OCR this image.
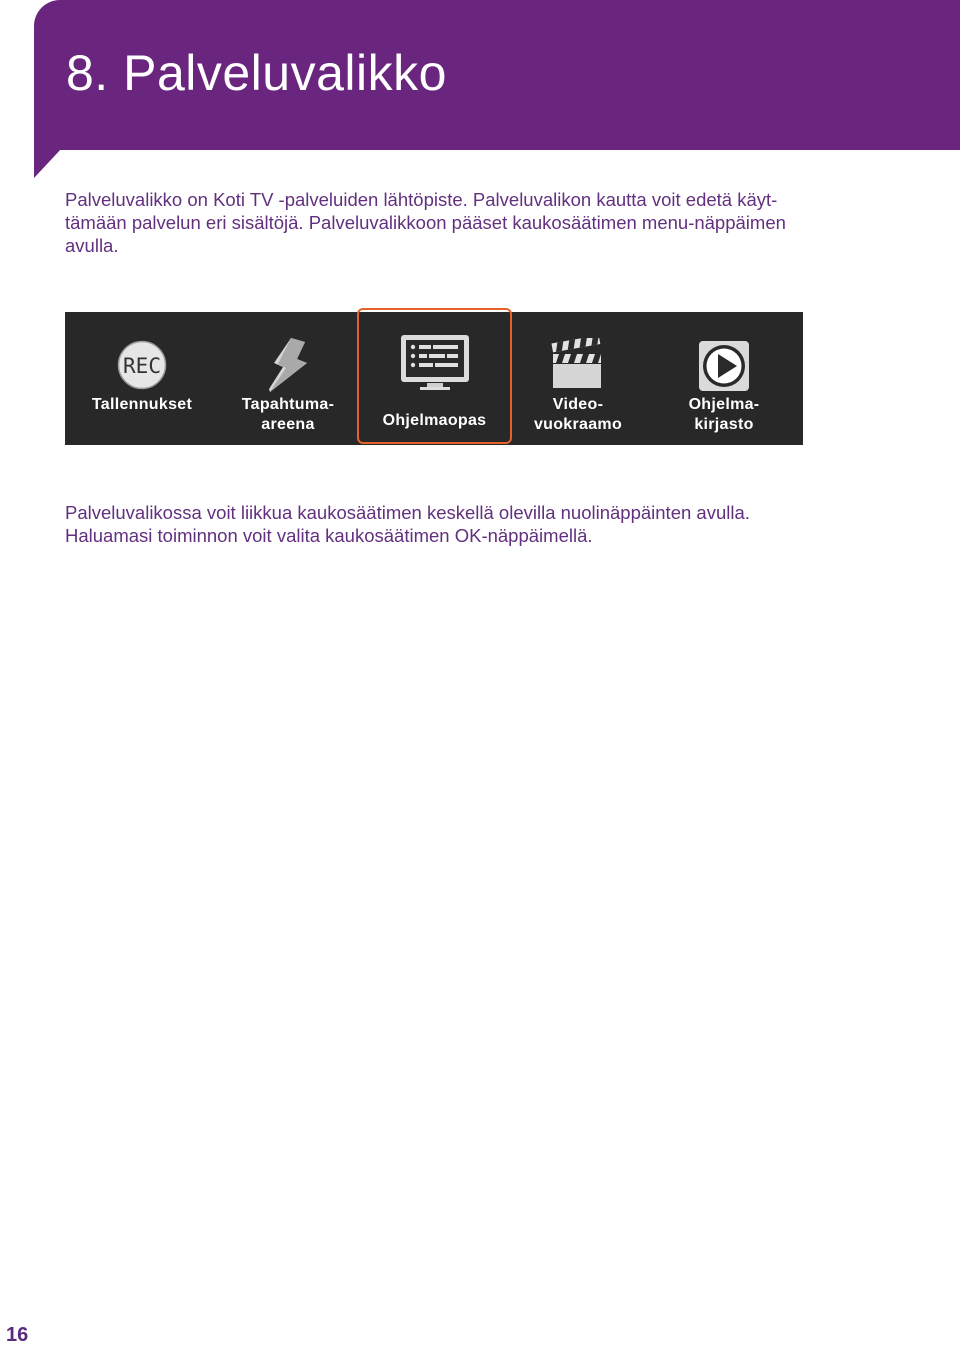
8. Palveluvalikko

Palveluvalikko on Koti TV -palveluiden lähtöpiste. Palveluvalikon kautta voit edetä käyt-
tämään palvelun eri sisältöjä. Palveluvalikkoon pääset kaukosäätimen menu-näppäimen
avulla.

REC
Tallennukset	Tapahtuma-
areena	Ohjelmaopas
Video-
vuokraamo
Ohjelma-
kirjasto

Palveluvalikossa voit liikkua kaukosäätimen keskellä olevilla nuolinäppäinten avulla.
Haluamasi toiminnon voit valita kaukosäätimen OK-näppäimellä.

16
